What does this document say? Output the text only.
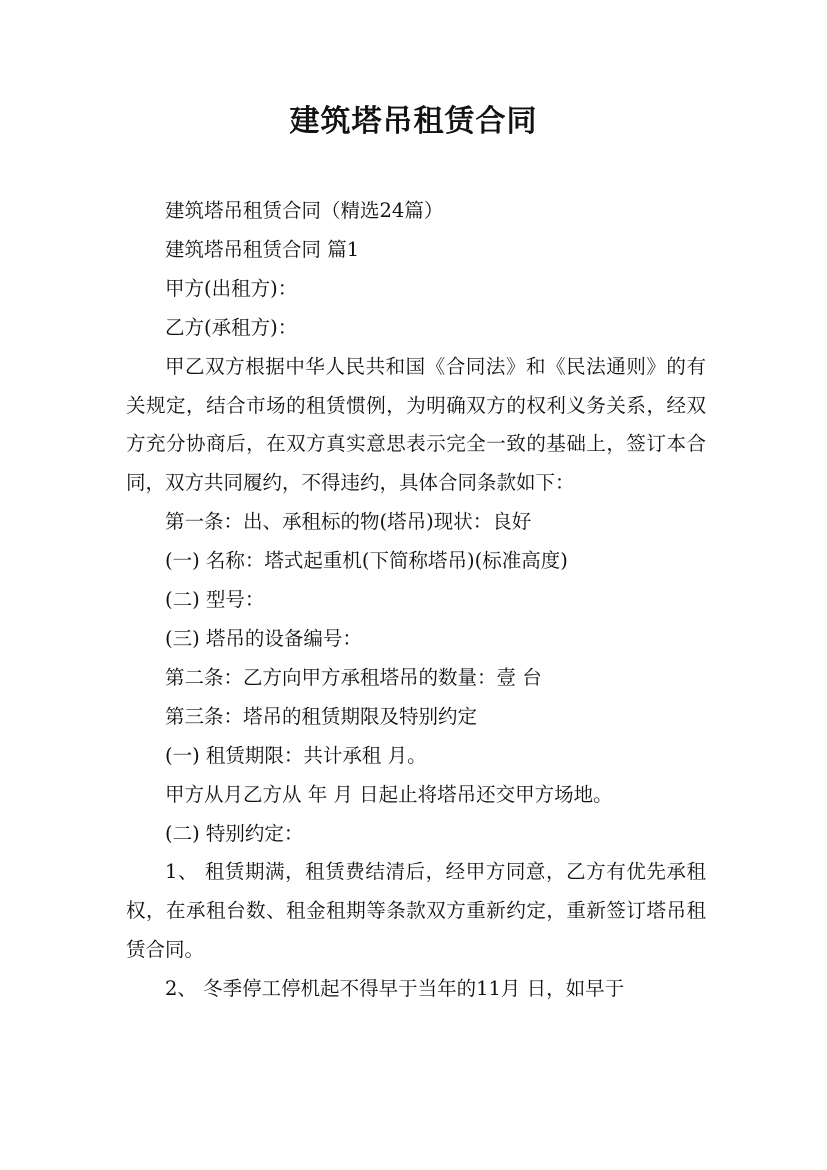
建筑塔吊租赁合同

建筑塔吊租赁合同（精选24篇）

建筑塔吊租赁合同 篇1

甲方(出租方)：

乙方(承租方)：

甲乙双方根据中华人民共和国《合同法》和《民法通则》的有关规定，结合市场的租赁惯例，为明确双方的权利义务关系，经双方充分协商后，在双方真实意思表示完全一致的基础上，签订本合同，双方共同履约，不得违约，具体合同条款如下：

第一条：出、承租标的物(塔吊)现状：良好

(一) 名称：塔式起重机(下简称塔吊)(标准高度)

(二) 型号：

(三) 塔吊的设备编号：

第二条：乙方向甲方承租塔吊的数量：壹 台

第三条：塔吊的租赁期限及特别约定

(一) 租赁期限：共计承租 月。

甲方从月乙方从 年 月 日起止将塔吊还交甲方场地。

(二) 特别约定：

1、 租赁期满，租赁费结清后，经甲方同意，乙方有优先承租权，在承租台数、租金租期等条款双方重新约定，重新签订塔吊租赁合同。

2、 冬季停工停机起不得早于当年的11月 日，如早于
